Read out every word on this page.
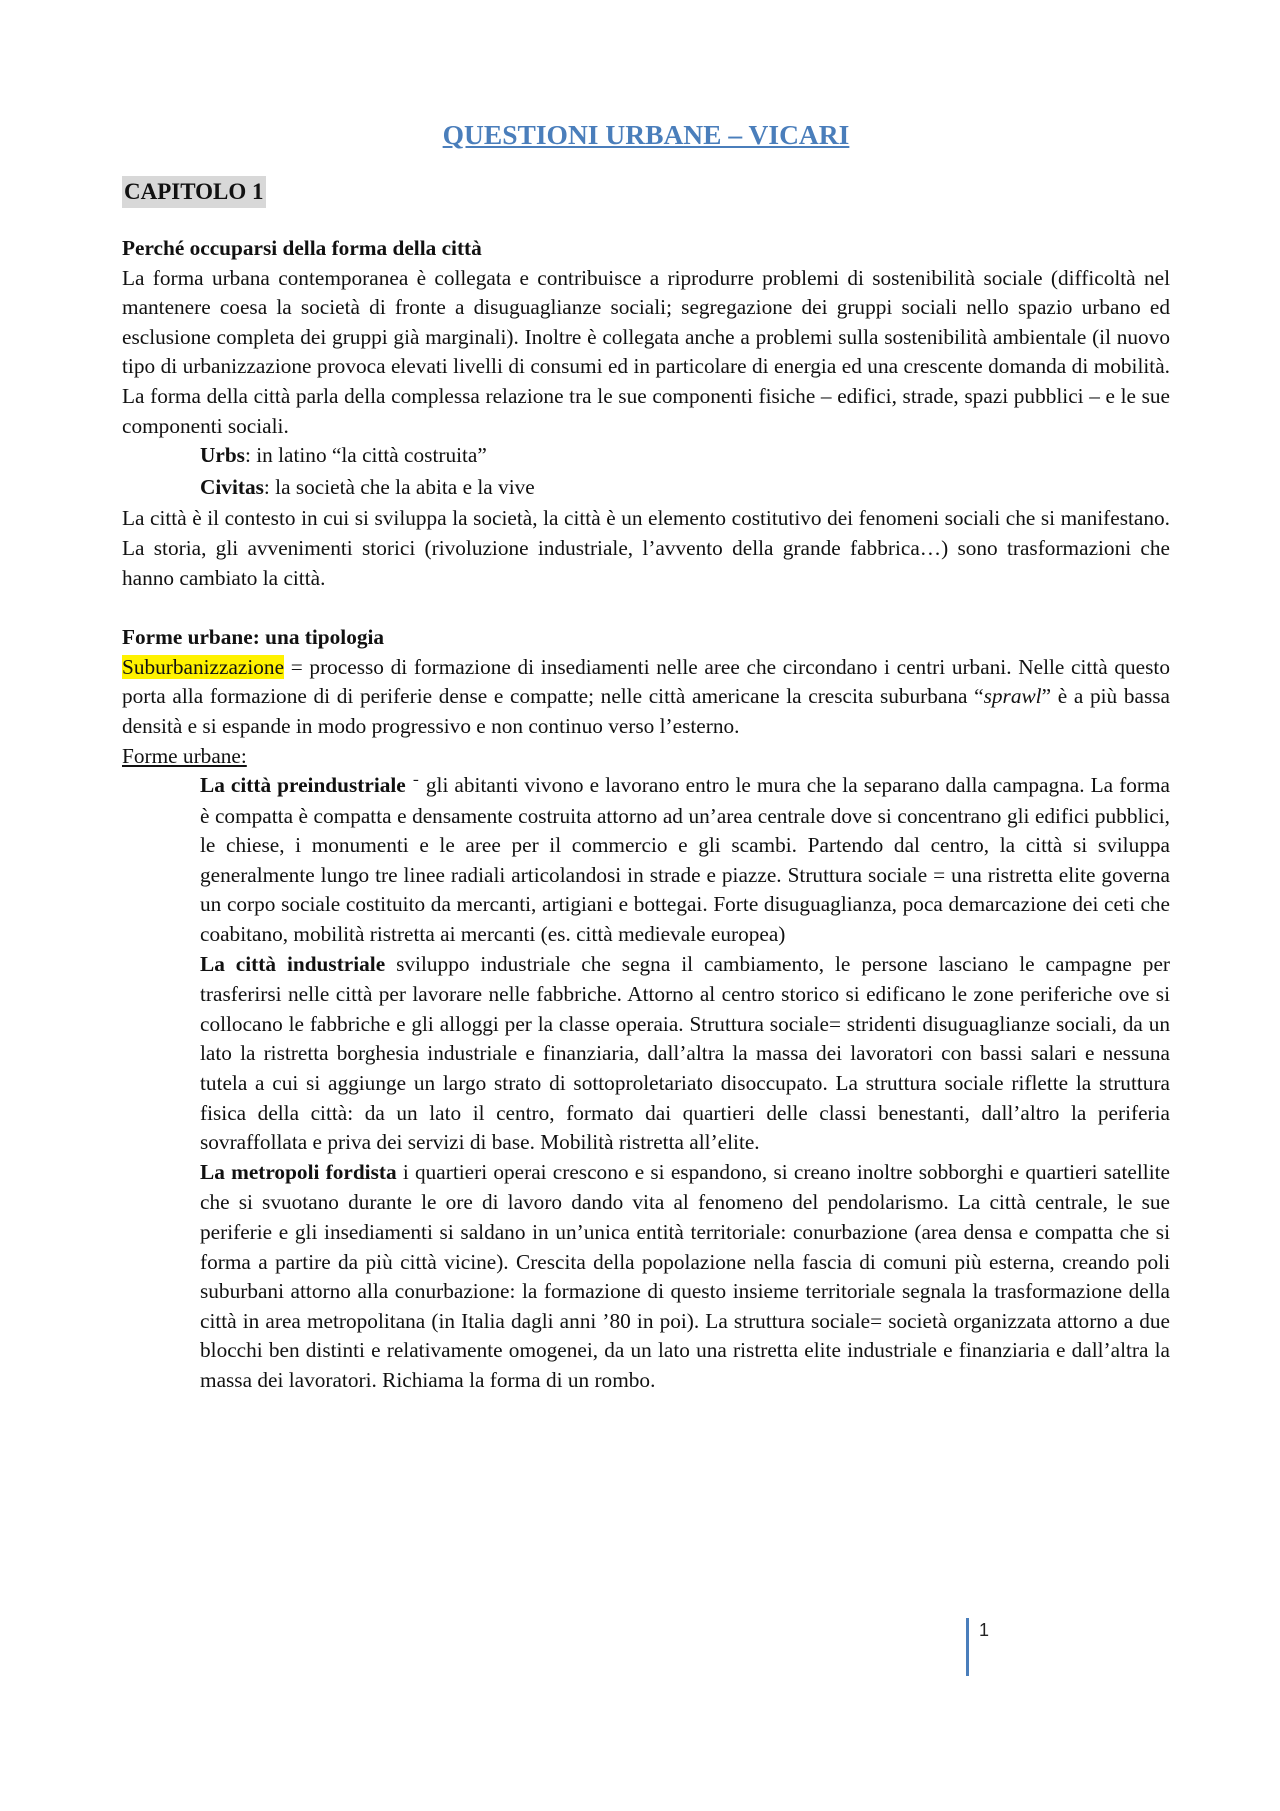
QUESTIONI URBANE – VICARI
CAPITOLO 1
Perché occuparsi della forma della città

La forma urbana contemporanea è collegata e contribuisce a riprodurre problemi di sostenibilità sociale (difficoltà nel mantenere coesa la società di fronte a disuguaglianze sociali; segregazione dei gruppi sociali nello spazio urbano ed esclusione completa dei gruppi già marginali). Inoltre è collegata anche a problemi sulla sostenibilità ambientale (il nuovo tipo di urbanizzazione provoca elevati livelli di consumi ed in particolare di energia ed una crescente domanda di mobilità. La forma della città parla della complessa relazione tra le sue componenti fisiche – edifici, strade, spazi pubblici – e le sue componenti sociali.

Urbs: in latino “la città costruita”
Civitas: la società che la abita e la vive

La città è il contesto in cui si sviluppa la società, la città è un elemento costitutivo dei fenomeni sociali che si manifestano. La storia, gli avvenimenti storici (rivoluzione industriale, l’avvento della grande fabbrica…) sono trasformazioni che hanno cambiato la città.

Forme urbane: una tipologia

Suburbanizzazione = processo di formazione di insediamenti nelle aree che circondano i centri urbani. Nelle città questo porta alla formazione di di periferie dense e compatte; nelle città americane la crescita suburbana “sprawl” è a più bassa densità e si espande in modo progressivo e non continuo verso l’esterno.

Forme urbane:
La città preindustriale ¯ gli abitanti vivono e lavorano entro le mura che la separano dalla campagna. La forma è compatta è compatta e densamente costruita attorno ad un’area centrale dove si concentrano gli edifici pubblici, le chiese, i monumenti e le aree per il commercio e gli scambi. Partendo dal centro, la città si sviluppa generalmente lungo tre linee radiali articolandosi in strade e piazze. Struttura sociale = una ristretta elite governa un corpo sociale costituito da mercanti, artigiani e bottegai. Forte disuguaglianza, poca demarcazione dei ceti che coabitano, mobilità ristretta ai mercanti (es. città medievale europea)
La città industriale sviluppo industriale che segna il cambiamento, le persone lasciano le campagne per trasferirsi nelle città per lavorare nelle fabbriche. Attorno al centro storico si edificano le zone periferiche ove si collocano le fabbriche e gli alloggi per la classe operaia. Struttura sociale= stridenti disuguaglianze sociali, da un lato la ristretta borghesia industriale e finanziaria, dall’altra la massa dei lavoratori con bassi salari e nessuna tutela a cui si aggiunge un largo strato di sottoproletariato disoccupato. La struttura sociale riflette la struttura fisica della città: da un lato il centro, formato dai quartieri delle classi benestanti, dall’altro la periferia sovraffollata e priva dei servizi di base. Mobilità ristretta all’elite.
La metropoli fordista i quartieri operai crescono e si espandono, si creano inoltre sobborghi e quartieri satellite che si svuotano durante le ore di lavoro dando vita al fenomeno del pendolarismo. La città centrale, le sue periferie e gli insediamenti si saldano in un’unica entità territoriale: conurbazione (area densa e compatta che si forma a partire da più città vicine). Crescita della popolazione nella fascia di comuni più esterna, creando poli suburbani attorno alla conurbazione: la formazione di questo insieme territoriale segnala la trasformazione della città in area metropolitana (in Italia dagli anni ’80 in poi). La struttura sociale= società organizzata attorno a due blocchi ben distinti e relativamente omogenei, da un lato una ristretta elite industriale e finanziaria e dall’altra la massa dei lavoratori. Richiama la forma di un rombo.
1
